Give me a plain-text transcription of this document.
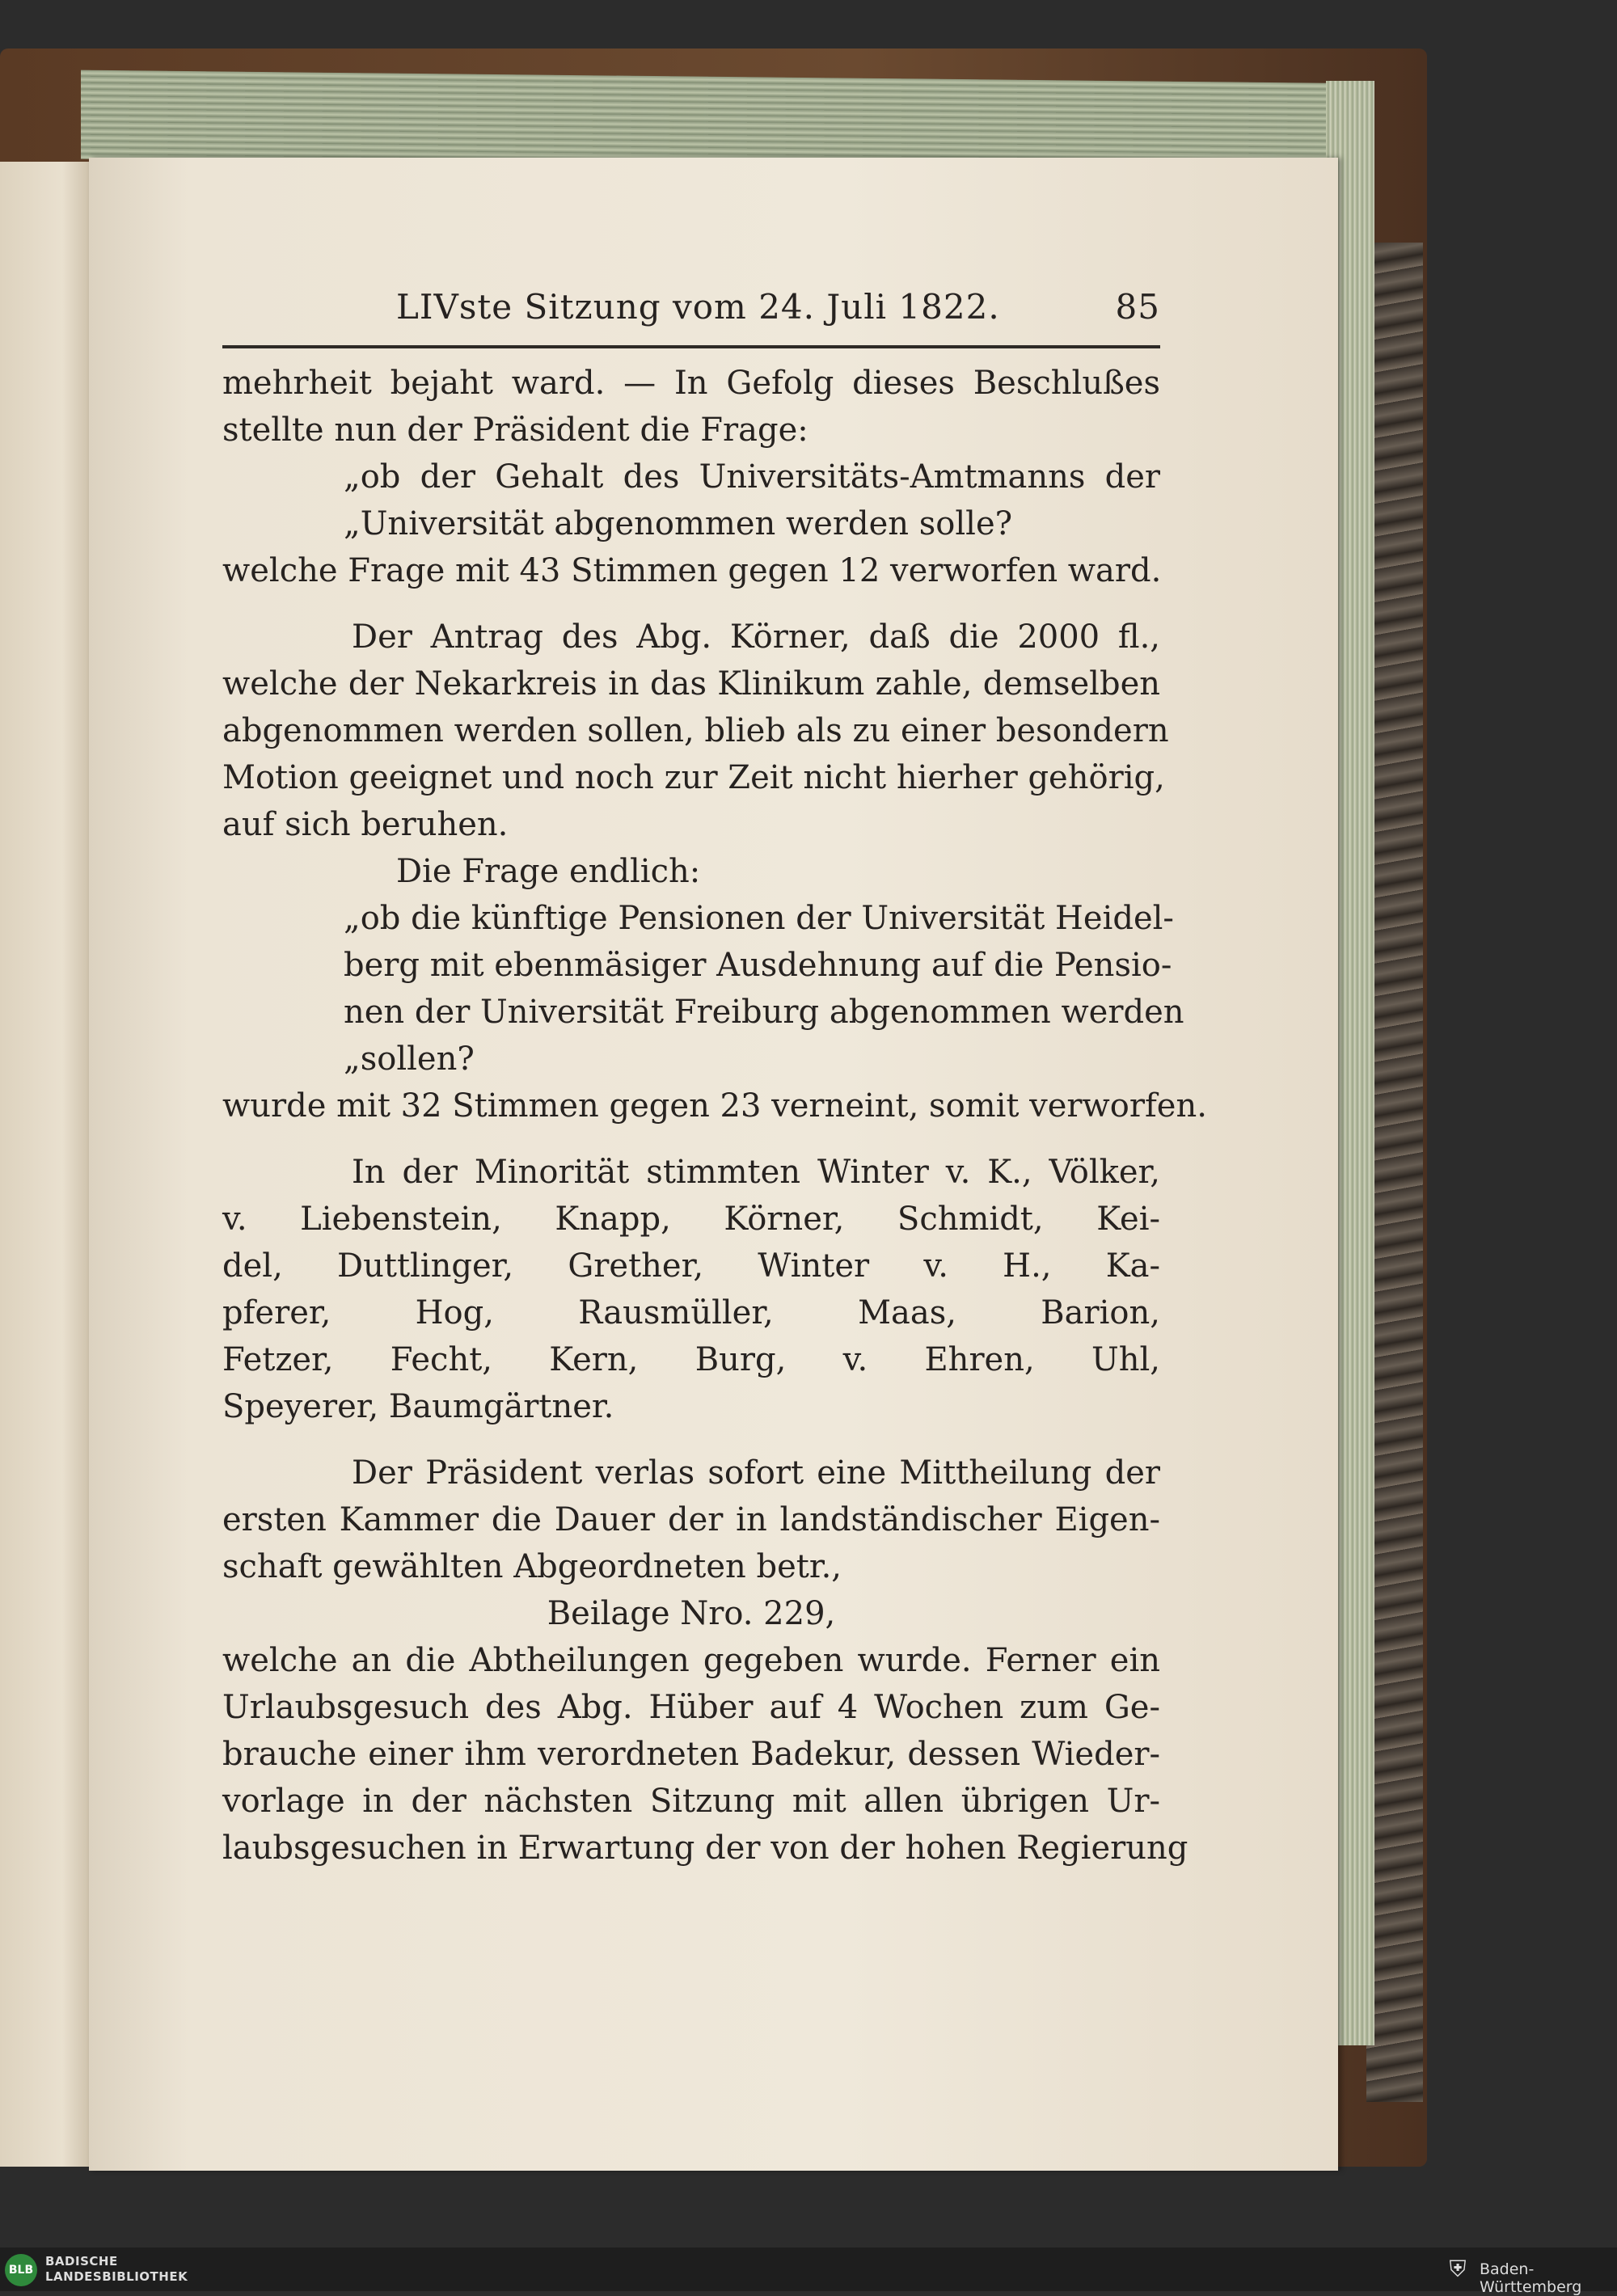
LIVste Sitzung vom 24. Juli 1822.	85
mehrheit bejaht ward. — In Gefolg dieses Beschlußes
stellte nun der Präsident die Frage:
„ob der Gehalt des Universitäts-Amtmanns der
„Universität abgenommen werden solle?
welche Frage mit 43 Stimmen gegen 12 verworfen ward.
Der Antrag des Abg. Körner, daß die 2000 fl.,
welche der Nekarkreis in das Klinikum zahle, demselben
abgenommen werden sollen, blieb als zu einer besondern
Motion geeignet und noch zur Zeit nicht hierher gehörig,
auf sich beruhen.
Die Frage endlich:
„ob die künftige Pensionen der Universität Heidel-
berg mit ebenmäsiger Ausdehnung auf die Pensio-
nen der Universität Freiburg abgenommen werden
„sollen?
wurde mit 32 Stimmen gegen 23 verneint, somit verworfen.
In der Minorität stimmten Winter v. K., Völker,
v. Liebenstein, Knapp, Körner, Schmidt, Kei-
del, Duttlinger, Grether, Winter v. H., Ka-
pferer, Hog, Rausmüller, Maas, Barion,
Fetzer, Fecht, Kern, Burg, v. Ehren, Uhl,
Speyerer, Baumgärtner.
Der Präsident verlas sofort eine Mittheilung der
ersten Kammer die Dauer der in landständischer Eigen-
schaft gewählten Abgeordneten betr.,
Beilage Nro. 229,
welche an die Abtheilungen gegeben wurde. Ferner ein
Urlaubsgesuch des Abg. Hüber auf 4 Wochen zum Ge-
brauche einer ihm verordneten Badekur, dessen Wieder-
vorlage in der nächsten Sitzung mit allen übrigen Ur-
laubsgesuchen in Erwartung der von der hohen Regierung
BLB
BADISCHE
LANDESBIBLIOTHEK	⛨ Baden-Württemberg
